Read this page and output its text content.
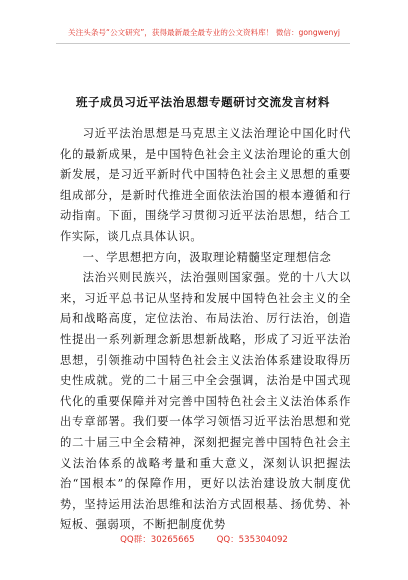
关注头条号“公文研究”，获得最新最全最专业的公文资料库！ 微信：gongwenyj
班子成员习近平法治思想专题研讨交流发言材料

习近平法治思想是马克思主义法治理论中国化时代化的最新成果，是中国特色社会主义法治理论的重大创新发展，是习近平新时代中国特色社会主义思想的重要组成部分，是新时代推进全面依法治国的根本遵循和行动指南。下面，围绕学习贯彻习近平法治思想，结合工作实际，谈几点具体认识。

一、学思想把方向，汲取理论精髓坚定理想信念

法治兴则民族兴，法治强则国家强。党的十八大以来，习近平总书记从坚持和发展中国特色社会主义的全局和战略高度，定位法治、布局法治、厉行法治，创造性提出一系列新理念新思想新战略，形成了习近平法治思想，引领推动中国特色社会主义法治体系建设取得历史性成就。党的二十届三中全会强调，法治是中国式现代化的重要保障并对完善中国特色社会主义法治体系作出专章部署。我们要一体学习领悟习近平法治思想和党的二十届三中全会精神，深刻把握完善中国特色社会主义法治体系的战略考量和重大意义，深刻认识把握法治“国根本”的保障作用，更好以法治建设放大制度优势，坚持运用法治思维和法治方式固根基、扬优势、补短板、强弱项，不断把制度优势

QQ群：30265665	QQ：535304092
